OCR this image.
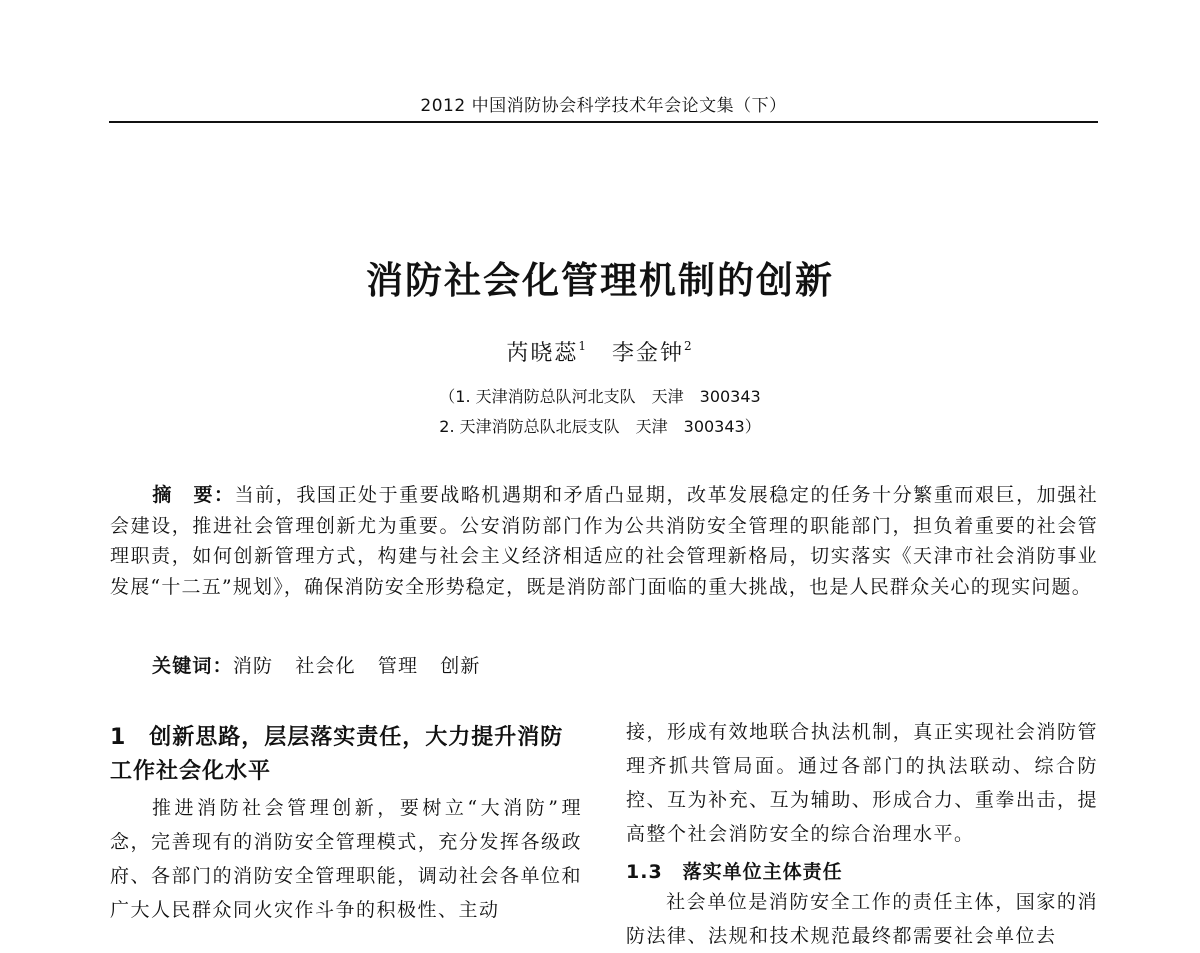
2012 中国消防协会科学技术年会论文集（下）
消防社会化管理机制的创新
芮晓蕊$^1$ 李金钟$^2$
（1. 天津消防总队河北支队　天津　300343
2. 天津消防总队北辰支队　天津　300343）
摘　要：当前，我国正处于重要战略机遇期和矛盾凸显期，改革发展稳定的任务十分繁重而艰巨，加强社会建设，推进社会管理创新尤为重要。公安消防部门作为公共消防安全管理的职能部门，担负着重要的社会管理职责，如何创新管理方式，构建与社会主义经济相适应的社会管理新格局，切实落实《天津市社会消防事业发展“十二五”规划》，确保消防安全形势稳定，既是消防部门面临的重大挑战，也是人民群众关心的现实问题。
关键词：消防 社会化 管理 创新
1　创新思路，层层落实责任，大力提升消防工作社会化水平
推进消防社会管理创新，要树立“大消防”理念，完善现有的消防安全管理模式，充分发挥各级政府、各部门的消防安全管理职能，调动社会各单位和广大人民群众同火灾作斗争的积极性、主动
接，形成有效地联合执法机制，真正实现社会消防管理齐抓共管局面。通过各部门的执法联动、综合防控、互为补充、互为辅助、形成合力、重拳出击，提高整个社会消防安全的综合治理水平。
1.3　落实单位主体责任
社会单位是消防安全工作的责任主体，国家的消防法律、法规和技术规范最终都需要社会单位去
